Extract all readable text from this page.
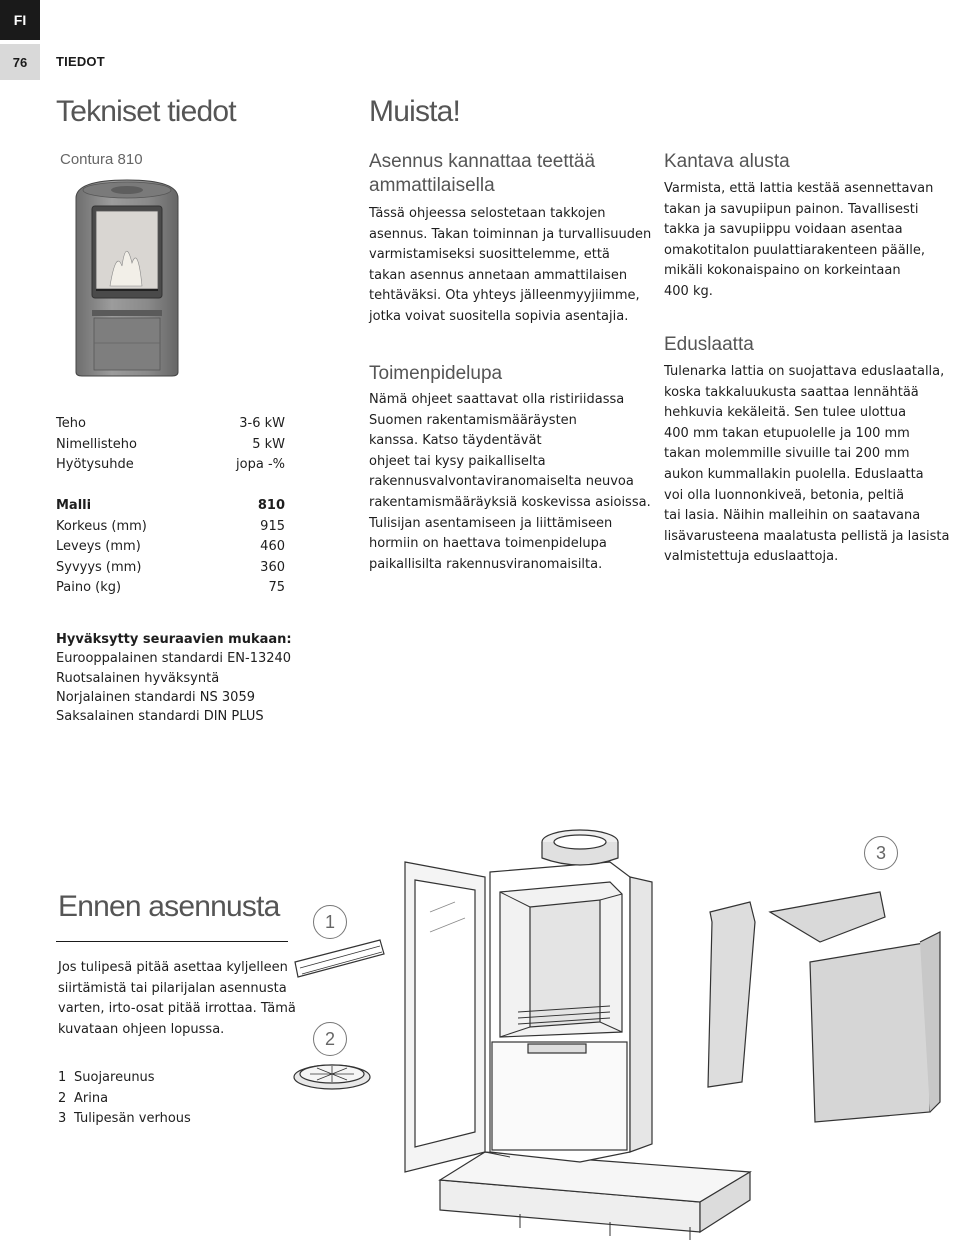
FI
76	TIEDOT
Tekniset tiedot
Contura 810
Teho	3-6 kW
Nimellisteho	5 kW
Hyötysuhde	jopa -%
Malli	810
Korkeus (mm)	915
Leveys (mm)	460
Syvyys (mm)	360
Paino (kg)	75
Hyväksytty seuraavien mukaan:
Eurooppalainen standardi EN-13240
Ruotsalainen hyväksyntä
Norjalainen standardi NS 3059
Saksalainen standardi DIN PLUS
Muista!
Asennus kannattaa teettää
ammattilaisella

Tässä ohjeessa selostetaan takkojen

asennus. Takan toiminnan ja turvallisuuden

varmistamiseksi suosittelemme, että

takan asennus annetaan ammattilaisen

tehtäväksi. Ota yhteys jälleenmyyjiimme,

jotka voivat suositella sopivia asentajia.

Toimenpidelupa

Nämä ohjeet saattavat olla ristiriidassa

Suomen rakentamismääräysten

kanssa. Katso täydentävät

ohjeet tai kysy paikalliselta

rakennusvalvontaviranomaiselta neuvoa

rakentamismääräyksiä koskevissa asioissa.

Tulisijan asentamiseen ja liittämiseen

hormiin on haettava toimenpidelupa

paikallisilta rakennusviranomaisilta.

Kantava alusta

Varmista, että lattia kestää asennettavan

takan ja savupiipun painon. Tavallisesti

takka ja savupiippu voidaan asentaa

omakotitalon puulattiarakenteen päälle,

mikäli kokonaispaino on korkeintaan

400 kg.

Eduslaatta

Tulenarka lattia on suojattava eduslaatalla,

koska takkaluukusta saattaa lennähtää

hehkuvia kekäleitä. Sen tulee ulottua

400 mm takan etupuolelle ja 100 mm

takan molemmille sivuille tai 200 mm

aukon kummallakin puolella. Eduslaatta

voi olla luonnonkiveä, betonia, peltiä

tai lasia. Näihin malleihin on saatavana

lisävarusteena maalatusta pellistä ja lasista

valmistettuja eduslaattoja.

Ennen asennusta

Jos tulipesä pitää asettaa kyljelleen

siirtämistä tai pilarijalan asennusta

varten, irto-osat pitää irrottaa. Tämä

kuvataan ohjeen lopussa.

1 Suojareunus
2 Arina
3 Tulipesän verhous
1
2
3
